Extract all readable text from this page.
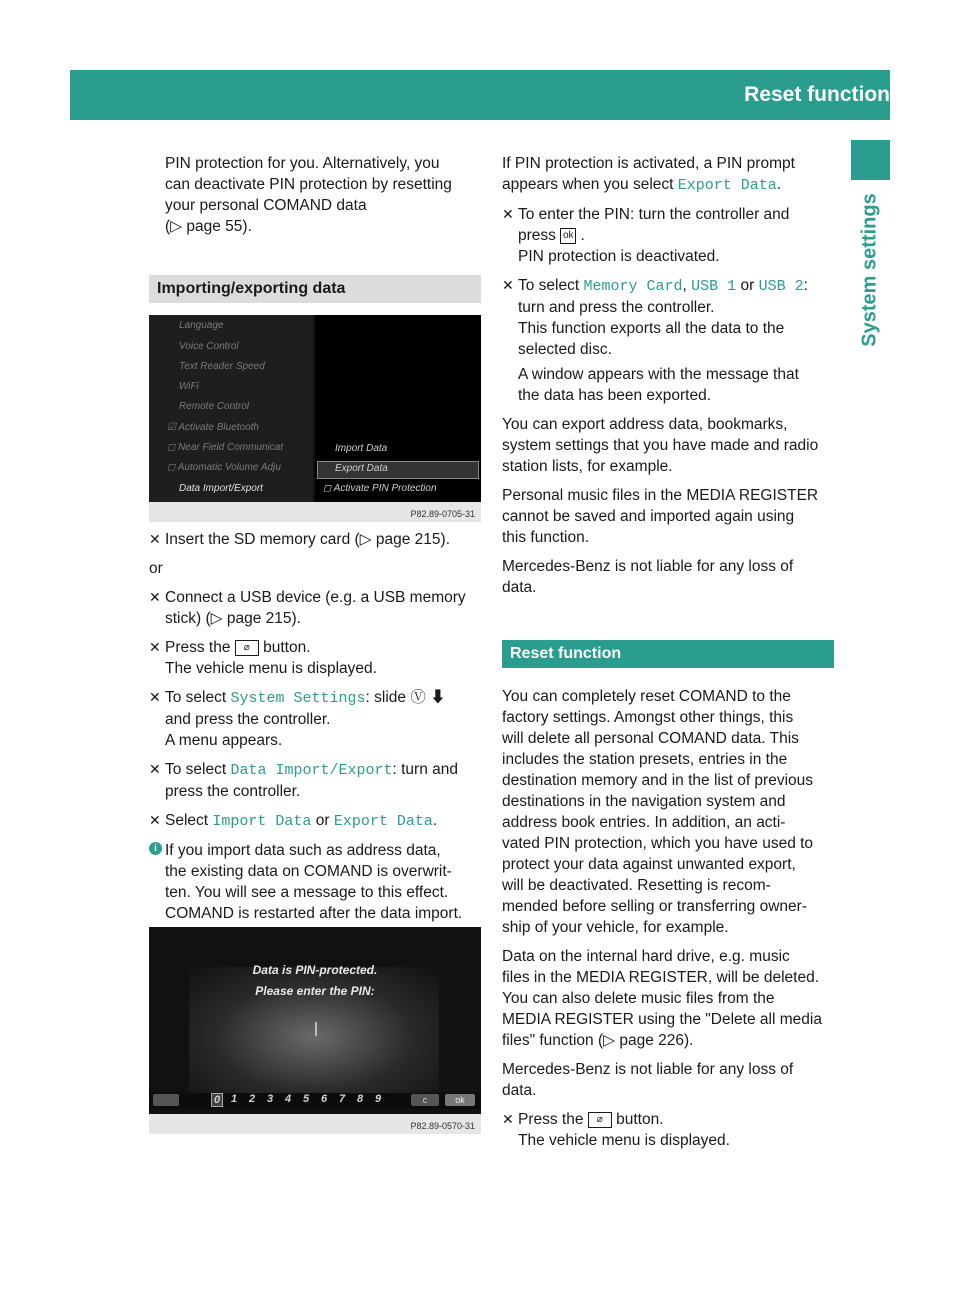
Reset function	55
System settings

PIN protection for you. Alternatively, you
can deactivate PIN protection by resetting
your personal COMAND data
(▷ page 55).

Importing/exporting data
✕ Insert the SD memory card (▷ page 215).

or

✕ Connect a USB device (e.g. a USB memory
stick) (▷ page 215).
✕ Press the ⌀ button.
The vehicle menu is displayed.
✕ To select System Settings: slide Ⓥ ⬇
and press the controller.
A menu appears.
✕ To select Data Import/Export: turn and
press the controller.
✕ Select Import Data or Export Data.
i If you import data such as address data,
the existing data on COMAND is overwrit-
ten. You will see a message to this effect.
COMAND is restarted after the data import.
Language
Voice Control
Text Reader Speed
WiFi
Remote Control
☑ Activate Bluetooth
◻ Near Field Communicat
◻ Automatic Volume Adju
Data Import/Export
Import Data
Export Data
◻ Activate PIN Protection
P82.89-0705-31
Data is PIN-protected.
Please enter the PIN:
0 1 2 3 4 5 6 7 8 9	c	ok
P82.89-0570-31

If PIN protection is activated, a PIN prompt
appears when you select Export Data.

✕ To enter the PIN: turn the controller and
press ok .
PIN protection is deactivated.
✕ To select Memory Card, USB 1 or USB 2:
turn and press the controller.
This function exports all the data to the
selected disc.
A window appears with the message that
the data has been exported.

You can export address data, bookmarks,
system settings that you have made and radio
station lists, for example.

Personal music files in the MEDIA REGISTER
cannot be saved and imported again using
this function.

Mercedes-Benz is not liable for any loss of
data.

Reset function

You can completely reset COMAND to the
factory settings. Amongst other things, this
will delete all personal COMAND data. This
includes the station presets, entries in the
destination memory and in the list of previous
destinations in the navigation system and
address book entries. In addition, an acti-
vated PIN protection, which you have used to
protect your data against unwanted export,
will be deactivated. Resetting is recom-
mended before selling or transferring owner-
ship of your vehicle, for example.

Data on the internal hard drive, e.g. music
files in the MEDIA REGISTER, will be deleted.
You can also delete music files from the
MEDIA REGISTER using the "Delete all media
files" function (▷ page 226).

Mercedes-Benz is not liable for any loss of
data.

✕ Press the ⌀ button.
The vehicle menu is displayed.
